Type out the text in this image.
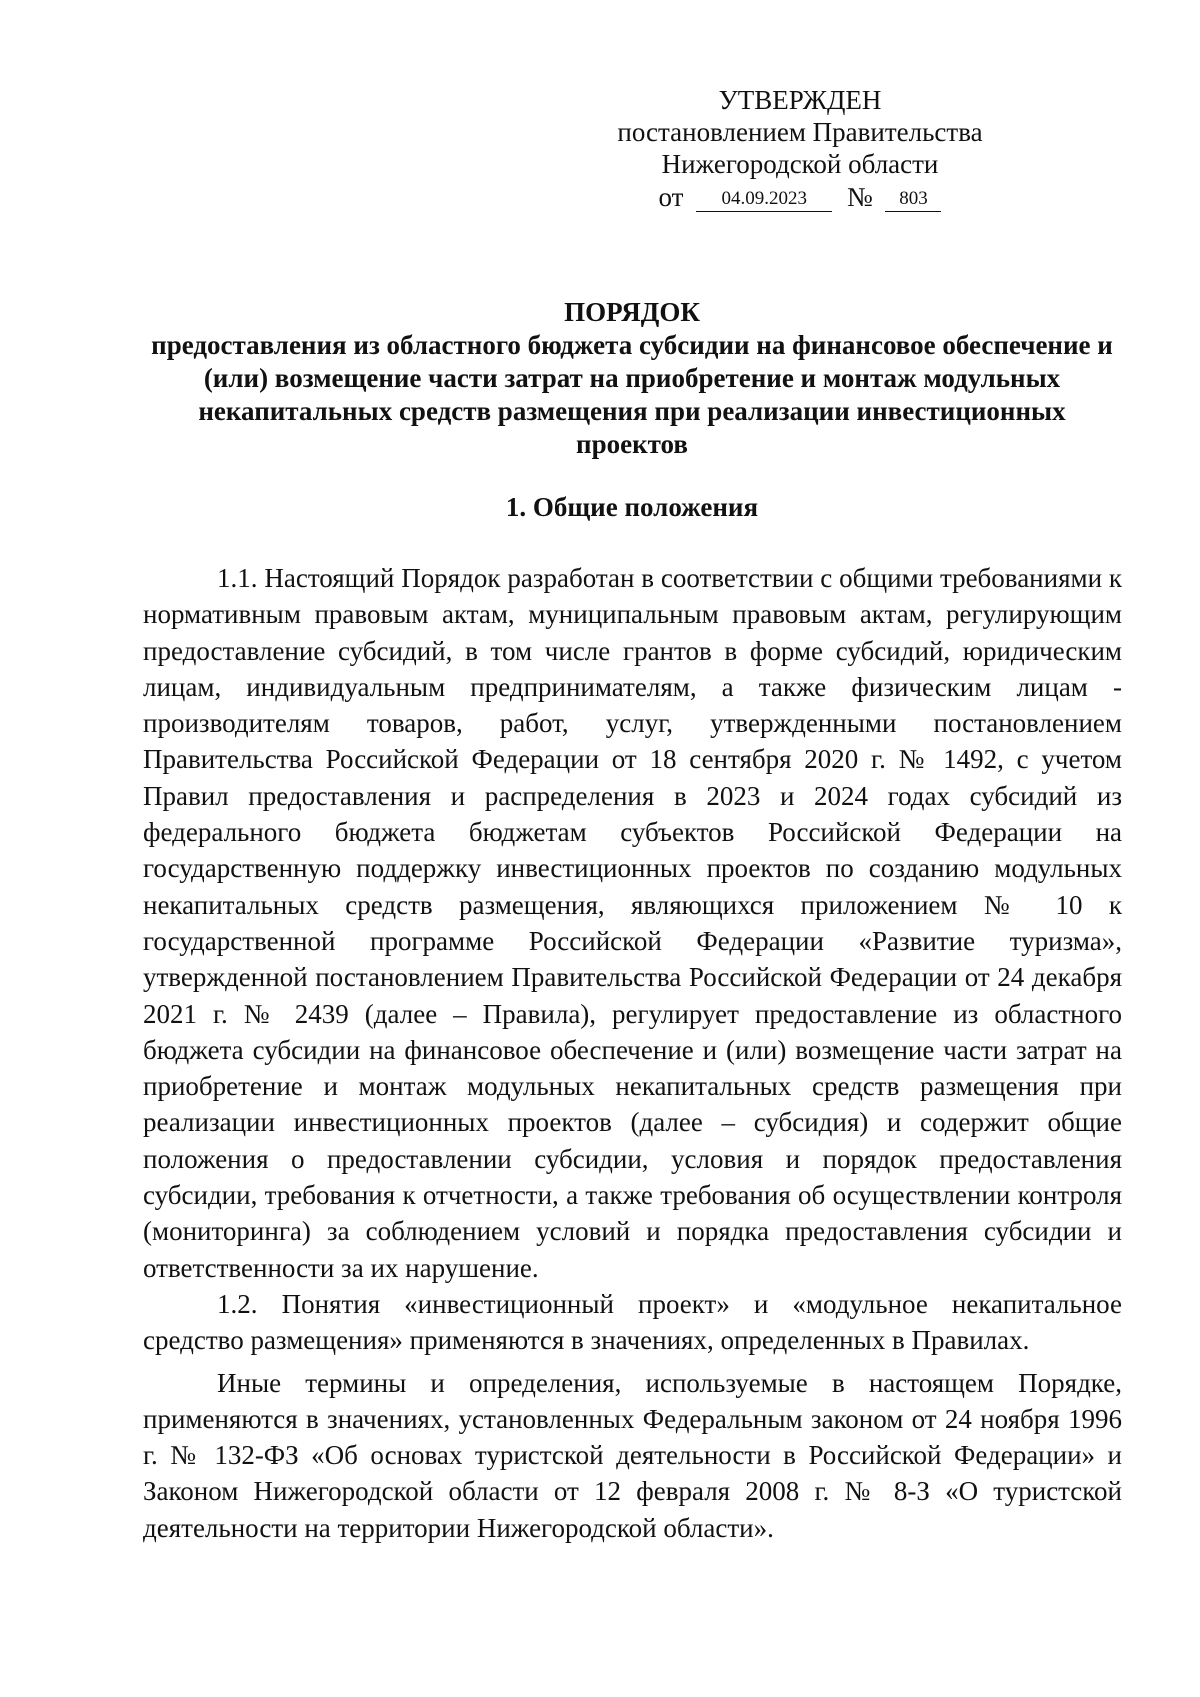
УТВЕРЖДЕН
постановлением Правительства
Нижегородской области
от 04.09.2023 № 803
ПОРЯДОК
предоставления из областного бюджета субсидии на финансовое обеспечение и (или) возмещение части затрат на приобретение и монтаж модульных некапитальных средств размещения при реализации инвестиционных проектов
1. Общие положения

1.1. Настоящий Порядок разработан в соответствии с общими требованиями к нормативным правовым актам, муниципальным правовым актам, регулирующим предоставление субсидий, в том числе грантов в форме субсидий, юридическим лицам, индивидуальным предпринимателям, а также физическим лицам - производителям товаров, работ, услуг, утвержденными постановлением Правительства Российской Федерации от 18 сентября 2020 г. № 1492, с учетом Правил предоставления и распределения в 2023 и 2024 годах субсидий из федерального бюджета бюджетам субъектов Российской Федерации на государственную поддержку инвестиционных проектов по созданию модульных некапитальных средств размещения, являющихся приложением № 10 к государственной программе Российской Федерации «Развитие туризма», утвержденной постановлением Правительства Российской Федерации от 24 декабря 2021 г. № 2439 (далее – Правила), регулирует предоставление из областного бюджета субсидии на финансовое обеспечение и (или) возмещение части затрат на приобретение и монтаж модульных некапитальных средств размещения при реализации инвестиционных проектов (далее – субсидия) и содержит общие положения о предоставлении субсидии, условия и порядок предоставления субсидии, требования к отчетности, а также требования об осуществлении контроля (мониторинга) за соблюдением условий и порядка предоставления субсидии и ответственности за их нарушение.

1.2. Понятия «инвестиционный проект» и «модульное некапитальное средство размещения» применяются в значениях, определенных в Правилах.

Иные термины и определения, используемые в настоящем Порядке, применяются в значениях, установленных Федеральным законом от 24 ноября 1996 г. № 132-ФЗ «Об основах туристской деятельности в Российской Федерации» и Законом Нижегородской области от 12 февраля 2008 г. № 8-З «О туристской деятельности на территории Нижегородской области».
